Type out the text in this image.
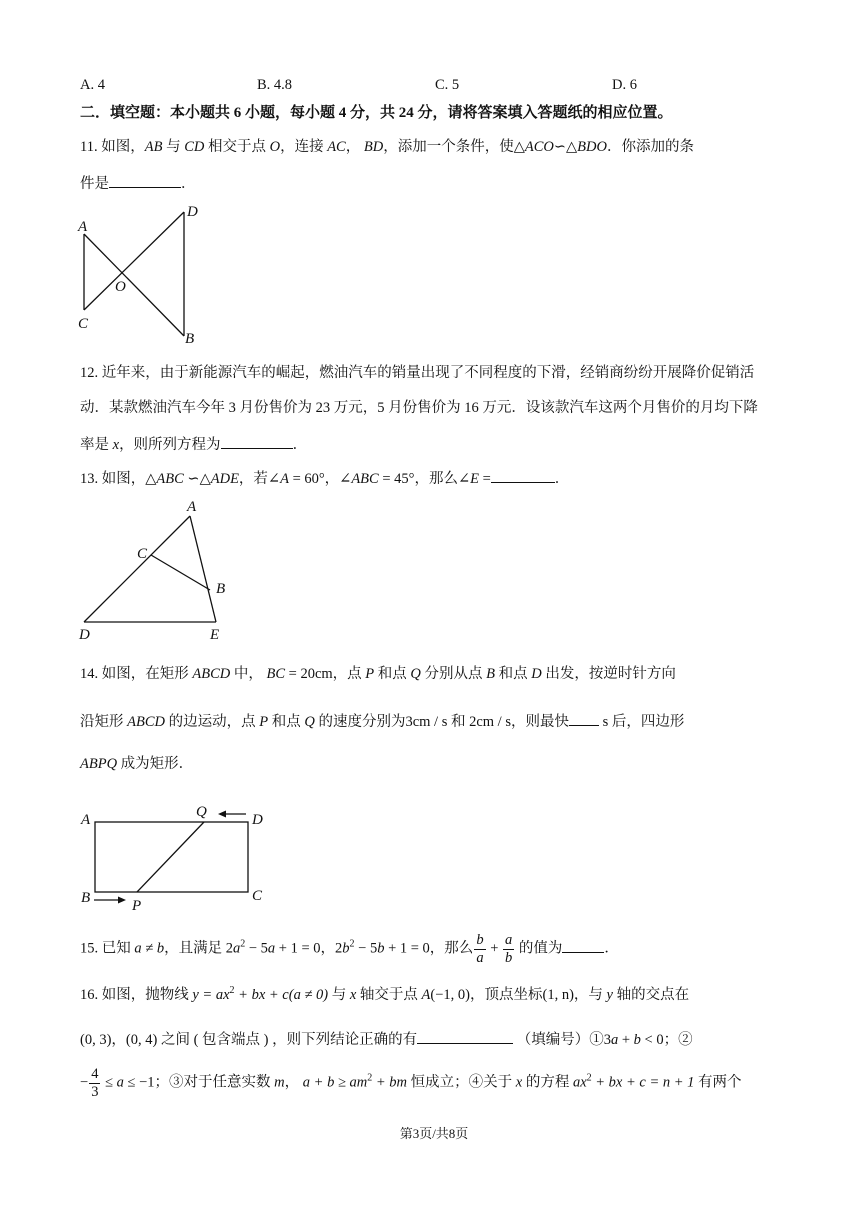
A. 4	B. 4.8	C. 5	D. 6
二．填空题：本小题共 6 小题，每小题 4 分，共 24 分，请将答案填入答题纸的相应位置。
11. 如图，AB 与 CD 相交于点 O，连接 AC， BD，添加一个条件，使△ACO∽△BDO．你添加的条
件是	．
A
D
O
C
B
12. 近年来，由于新能源汽车的崛起，燃油汽车的销量出现了不同程度的下滑，经销商纷纷开展降价促销活
动．某款燃油汽车今年 3 月份售价为 23 万元，5 月份售价为 16 万元．设该款汽车这两个月售价的月均下降
率是 x，则所列方程为	．
13. 如图，△ABC ∽△ADE，若∠A = 60°，∠ABC = 45°，那么∠E =	．
A
C
B
D	E
14. 如图，在矩形 ABCD 中， BC = 20cm，点 P 和点 Q 分别从点 B 和点 D 出发，按逆时针方向
沿矩形 ABCD 的边运动，点 P 和点 Q 的速度分别为3cm / s 和 2cm / s，则最快 s 后，四边形
ABPQ 成为矩形．
A	Q	D
B	P
C
15. 已知 a ≠ b，且满足 $2a^2 - 5a + 1 = 0$，$2b^2 - 5b + 1 = 0$，那么 $\frac{b}{a} + \frac{a}{b}$ 的值为	．
16. 如图，抛物线 $y = ax^2$ + bx + c(a ≠ 0) 与 x 轴交于点 A(−1, 0)，顶点坐标(1, n)，与 y 轴的交点在
(0, 3)，(0, 4) 之间 ( 包含端点 ) ，则下列结论正确的有	（填编号）①3a + b < 0；②
− $\frac{4}{3} \le a \le -1$；③对于任意实数 m， $a + b \ge am^2$ + bm 恒成立；④关于 x 的方程 $ax^2$ + bx + c = n + 1 有两个
第3页/共8页
